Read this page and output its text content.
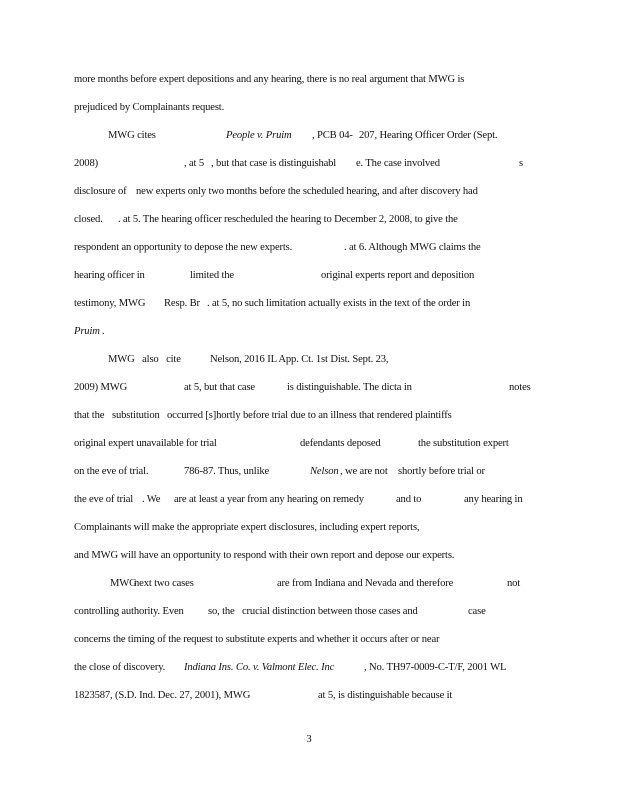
more months before expert depositions and any hearing, there is no real argument that MWG is

prejudiced by Complainants request.

MWG cites

	People v. Pruim

, PCB 04-

207, Hearing Officer Order (Sept.

2008)

	, at 5

, but that case is distinguishabl

e. The case involved

	s

disclosure of

new experts only two months before the scheduled hearing, and after discovery had

closed.

. at 5. The hearing officer rescheduled the hearing to December 2, 2008, to give the

respondent an opportunity to depose the new experts.

	. at 6. Although MWG claims the

hearing officer in

	limited the

	original experts report and deposition

testimony, MWG

Resp. Br

. at 5, no such limitation actually exists in the text of the order in

Pruim

.

MWG   also   cite

	Nelson, 2016 IL App. Ct. 1st Dist. Sept. 23,

2009) MWG

	at 5, but that case

	is distinguishable. The dicta in

	notes

that the

substitution

occurred [s]hortly before trial due to an illness that rendered plaintiffs

original expert unavailable for trial

	defendants deposed

	the substitution expert

on the eve of trial.

	786-87. Thus, unlike

	Nelson

, we are not

shortly before trial or

the eve of trial

. We

are at least a year from any hearing on remedy

	and to

	any hearing in

Complainants will make the appropriate expert disclosures, including expert reports,

and MWG will have an opportunity to respond with their own report and depose our experts.

MWG

next two cases

	are from Indiana and Nevada and therefore

	not

controlling authority. Even

so, the

crucial distinction between those cases and

	case

concerns the timing of the request to substitute experts and whether it occurs after or near

the close of discovery.

Indiana Ins. Co. v. Valmont Elec. Inc

	, No. TH97-0009-C-T/F, 2001 WL

1823587, (S.D. Ind. Dec. 27, 2001), MWG

	at 5, is distinguishable because it

3
